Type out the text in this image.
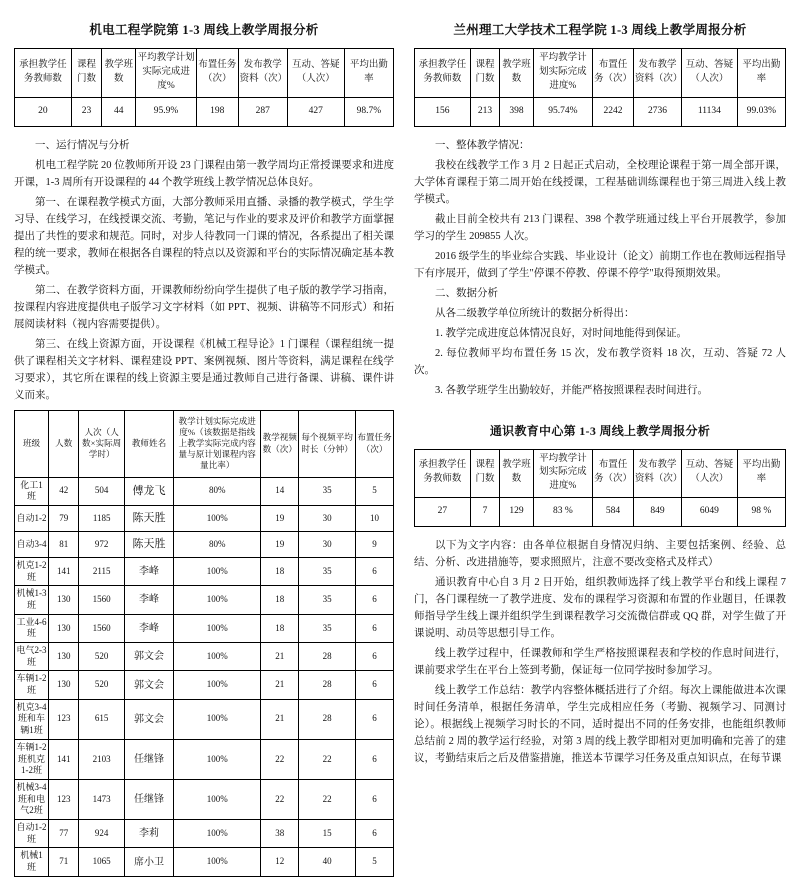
机电工程学院第 1-3 周线上教学周报分析
承担教学任务教师数	课程门数	教学班数	平均教学计划实际完成进度%	布置任务（次）	发布教学资料（次）	互动、答疑（人次）	平均出勤率
20	23	44	95.9%	198	287	427	98.7%

一、运行情况与分析

机电工程学院 20 位教师所开设 23 门课程由第一教学周均正常授课要求和进度开课，1-3 周所有开设课程的 44 个教学班线上教学情况总体良好。

第一、在课程教学模式方面，大部分教师采用直播、录播的教学模式，学生学习导、在线学习，在线授课交流、考勤，笔记与作业的要求及评价和教学方面掌握提出了共性的要求和规范。同时，对步人待教同一门课的情况，各系提出了相关课程的统一要求，教师在根据各自课程的特点以及资源和平台的实际情况确定基本教学模式。

第二、在教学资料方面，开课教师纷纷向学生提供了电子版的教学学习指南，按课程内容进度提供电子版学习文字材料（如 PPT、视频、讲稿等不同形式）和拓展阅读材料（视内容需要提供）。

第三、在线上资源方面，开设课程《机械工程导论》1 门课程（课程组统一提供了课程相关文字材料、课程建设 PPT、案例视频、图片等资料，满足课程在线学习要求），其它所在课程的线上资源主要是通过教师自己进行备课、讲稿、课件讲义而来。

班级	人数	人次（人数×实际周学时）	教师姓名	教学计划实际完成进度%（该数据是指线上教学实际完成内容量与原计划课程内容量比率）	教学视频数（次）	每个视频平均时长（分钟）	布置任务（次）
化工1班	42	504	傅龙飞	80%	14	35	5
自动1-2	79	1185	陈天胜	100%	19	30	10
自动3-4	81	972	陈天胜	80%	19	30	9
机克1-2班	141	2115	李峰	100%	18	35	6
机械1-3班	130	1560	李峰	100%	18	35	6
工业4-6班	130	1560	李峰	100%	18	35	6
电气2-3班	130	520	郭文会	100%	21	28	6
车辆1-2班	130	520	郭文会	100%	21	28	6
机克3-4班和车辆1班	123	615	郭文会	100%	21	28	6
车辆1-2班机克1-2班	141	2103	任继锋	100%	22	22	6
机械3-4班和电气2班	123	1473	任继锋	100%	22	22	6
自动1-2班	77	924	李莉	100%	38	15	6
机械1班	71	1065	席小卫	100%	12	40	5
兰州理工大学技术工程学院 1-3 周线上教学周报分析
承担教学任务教师数	课程门数	教学班数	平均教学计划实际完成进度%	布置任务（次）	发布教学资料（次）	互动、答疑（人次）	平均出勤率
156	213	398	95.74%	2242	2736	11134	99.03%

一、整体教学情况：

我校在线教学工作 3 月 2 日起正式启动，全校理论课程于第一周全部开课，大学体育课程于第二周开始在线授课，工程基础训练课程也于第三周进入线上教学模式。

截止目前全校共有 213 门课程、398 个教学班通过线上平台开展教学，参加学习的学生 209855 人次。

2016 级学生的毕业综合实践、毕业设计（论文）前期工作也在教师远程指导下有序展开，做到了学生"停课不停教、停课不停学"取得预期效果。

二、数据分析

从各二级教学单位所统计的数据分析得出：

1. 教学完成进度总体情况良好，对时间地能得到保证。

2. 每位教师平均布置任务 15 次，发布教学资料 18 次，互动、答疑 72 人次。

3. 各教学班学生出勤较好，并能严格按照课程表时间进行。

通识教育中心第 1-3 周线上教学周报分析
承担教学任务教师数	课程门数	教学班数	平均教学计划实际完成进度%	布置任务（次）	发布教学资料（次）	互动、答疑（人次）	平均出勤率
27	7	129	83 %	584	849	6049	98 %

以下为文字内容：由各单位根据自身情况归纳、主要包括案例、经验、总结、分析、改进措施等，要求照照片，注意不要改变格式及样式）

通识教育中心自 3 月 2 日开始，组织教师选择了线上教学平台和线上课程 7 门，各门课程统一了教学进度、发布的课程学习资源和布置的作业题目，任课教师指导学生线上课并组织学生到课程教学习交流微信群或 QQ 群，对学生做了开课说明、动员等思想引导工作。

线上教学过程中，任课教师和学生严格按照课程表和学校的作息时间进行，课前要求学生在平台上签到考勤，保证每一位同学按时参加学习。

线上教学工作总结：教学内容整体概括进行了介绍。每次上课能做进本次课时间任务清单，根据任务清单，学生完成相应任务（考勤、视频学习、同测讨论）。根据线上视频学习时长的不同，适时提出不同的任务安排，也能组织教师总结前 2 周的教学运行经验，对第 3 周的线上教学即相对更加明确和完善了的建议，考勤结束后之后及借鉴措施，推送本节课学习任务及重点知识点，在每节课
